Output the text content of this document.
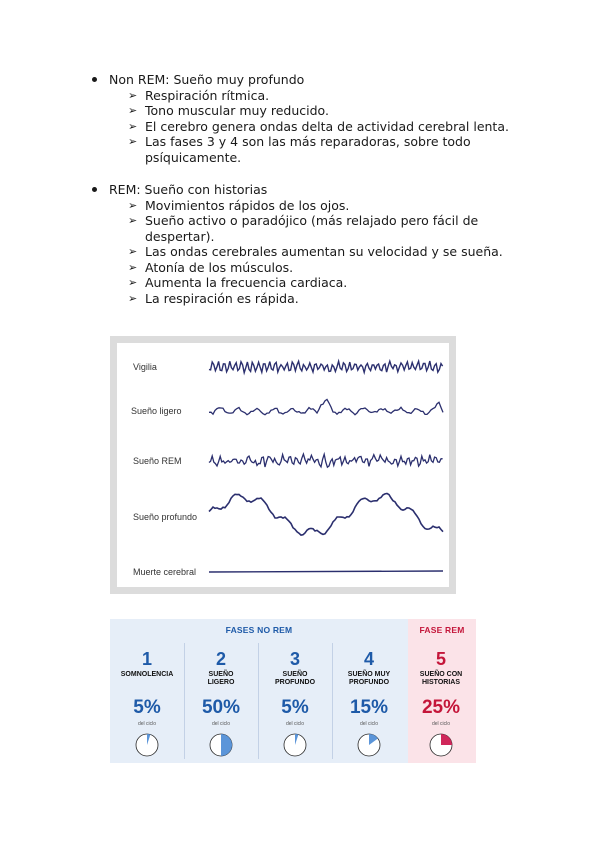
Non REM: Sueño muy profundo
➢ Respiración rítmica.
➢ Tono muscular muy reducido.
➢ El cerebro genera ondas delta de actividad cerebral lenta.
➢ Las fases 3 y 4 son las más reparadoras, sobre todo psíquicamente.
REM: Sueño con historias
➢ Movimientos rápidos de los ojos.
➢ Sueño activo o paradójico (más relajado pero fácil de despertar).
➢ Las ondas cerebrales aumentan su velocidad y se sueña.
➢ Atonía de los músculos.
➢ Aumenta la frecuencia cardiaca.
➢ La respiración es rápida.
Vigilia
Sueño ligero
Sueño REM
Sueño profundo
Muerte cerebral
FASES NO REM	FASE REM
1
SOMNOLENCIA
5%
del ciclo
2
SUEÑO LIGERO
50%
del ciclo
3
SUEÑO PROFUNDO
5%
del ciclo
4
SUEÑO MUY PROFUNDO
15%
del ciclo
5
SUEÑO CON HISTORIAS
25%
del ciclo
